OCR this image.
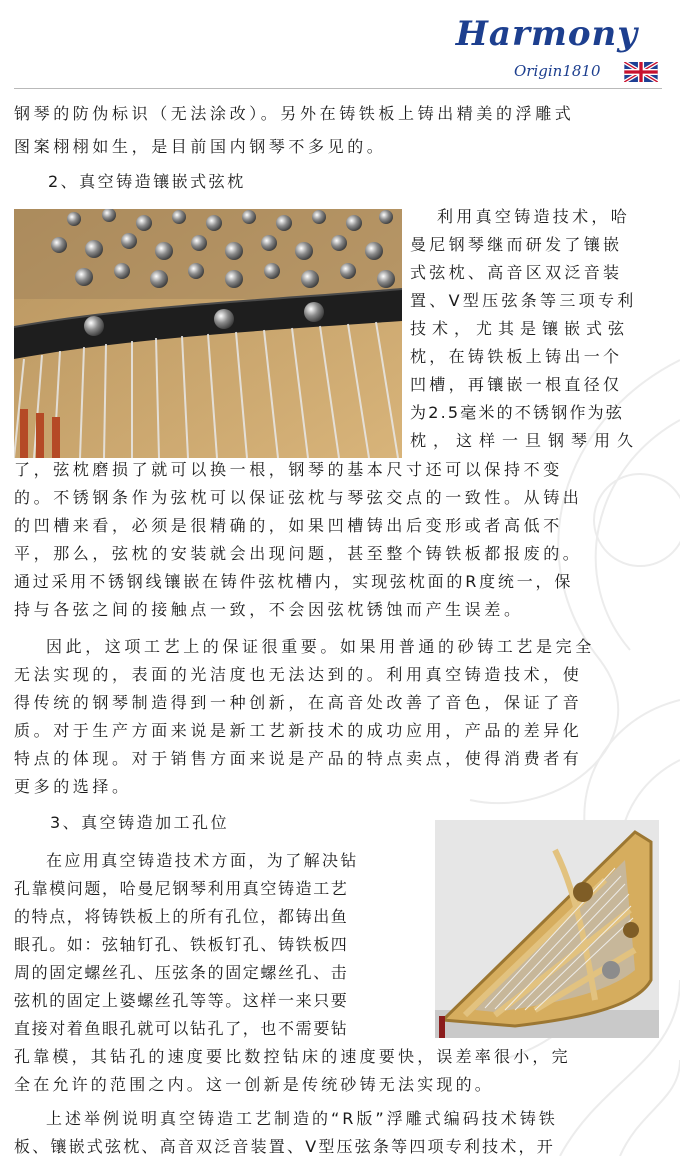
Harmony
Origin1810

钢琴的防伪标识（无法涂改）。另外在铸铁板上铸出精美的浮雕式

图案栩栩如生，是目前国内钢琴不多见的。

2、真空铸造镶嵌式弦枕

利用真空铸造技术，哈

曼尼钢琴继而研发了镶嵌

式弦枕、高音区双泛音装

置、V型压弦条等三项专利

技术，尤其是镶嵌式弦

枕，在铸铁板上铸出一个

凹槽，再镶嵌一根直径仅

为2.5毫米的不锈钢作为弦

枕，这样一旦钢琴用久

了，弦枕磨损了就可以换一根，钢琴的基本尺寸还可以保持不变

的。不锈钢条作为弦枕可以保证弦枕与琴弦交点的一致性。从铸出

的凹槽来看，必须是很精确的，如果凹槽铸出后变形或者高低不

平，那么，弦枕的安装就会出现问题，甚至整个铸铁板都报废的。

通过采用不锈钢线镶嵌在铸件弦枕槽内，实现弦枕面的R度统一，保

持与各弦之间的接触点一致，不会因弦枕锈蚀而产生误差。

因此，这项工艺上的保证很重要。如果用普通的砂铸工艺是完全

无法实现的，表面的光洁度也无法达到的。利用真空铸造技术，使

得传统的钢琴制造得到一种创新，在高音处改善了音色，保证了音

质。对于生产方面来说是新工艺新技术的成功应用，产品的差异化

特点的体现。对于销售方面来说是产品的特点卖点，使得消费者有

更多的选择。

3、真空铸造加工孔位

在应用真空铸造技术方面，为了解决钻

孔靠模问题，哈曼尼钢琴利用真空铸造工艺

的特点，将铸铁板上的所有孔位，都铸出鱼

眼孔。如：弦轴钉孔、铁板钉孔、铸铁板四

周的固定螺丝孔、压弦条的固定螺丝孔、击

弦机的固定上婆螺丝孔等等。这样一来只要

直接对着鱼眼孔就可以钻孔了，也不需要钻

孔靠模，其钻孔的速度要比数控钻床的速度要快，误差率很小，完

全在允许的范围之内。这一创新是传统砂铸无法实现的。

上述举例说明真空铸造工艺制造的“R版”浮雕式编码技术铸铁

板、镶嵌式弦枕、高音双泛音装置、V型压弦条等四项专利技术，开
